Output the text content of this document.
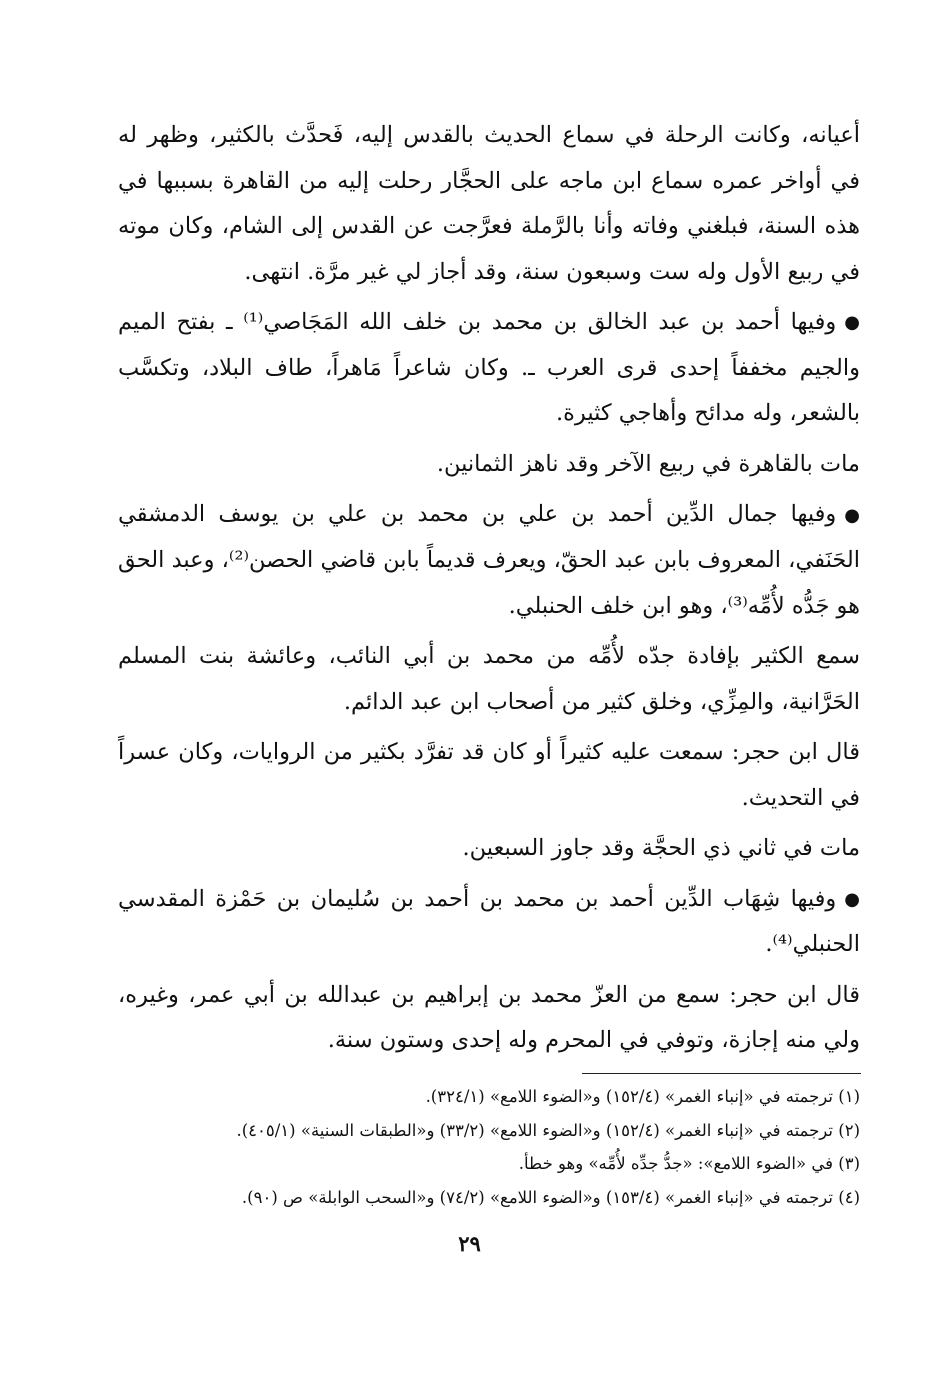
أعيانه، وكانت الرحلة في سماع الحديث بالقدس إليه، فَحدَّث بالكثير، وظهر له في أواخر عمره سماع ابن ماجه على الحجَّار رحلت إليه من القاهرة بسببها في هذه السنة، فبلغني وفاته وأنا بالرَّملة فعرَّجت عن القدس إلى الشام، وكان موته في ربيع الأول وله ست وسبعون سنة، وقد أجاز لي غير مرَّة. انتهى.

●وفيها أحمد بن عبد الخالق بن محمد بن خلف الله المَجَاصي⁽¹⁾ ـ بفتح الميم والجيم مخففاً إحدى قرى العرب ـ. وكان شاعراً مَاهراً، طاف البلاد، وتكسَّب بالشعر، وله مدائح وأهاجي كثيرة.

مات بالقاهرة في ربيع الآخر وقد ناهز الثمانين.

●وفيها جمال الدِّين أحمد بن علي بن محمد بن علي بن يوسف الدمشقي الحَنَفي، المعروف بابن عبد الحقّ، ويعرف قديماً بابن قاضي الحصن⁽²⁾، وعبد الحق هو جَدُّه لأُمِّه⁽³⁾، وهو ابن خلف الحنبلي.

سمع الكثير بإفادة جدّه لأُمِّه من محمد بن أبي النائب، وعائشة بنت المسلم الحَرَّانية، والمِزِّي، وخلق كثير من أصحاب ابن عبد الدائم.

قال ابن حجر: سمعت عليه كثيراً أو كان قد تفرَّد بكثير من الروايات، وكان عسراً في التحديث.

مات في ثاني ذي الحجَّة وقد جاوز السبعين.

●وفيها شِهَاب الدِّين أحمد بن محمد بن أحمد بن سُليمان بن حَمْزة المقدسي الحنبلي⁽⁴⁾.

قال ابن حجر: سمع من العزّ محمد بن إبراهيم بن عبدالله بن أبي عمر، وغيره، ولي منه إجازة، وتوفي في المحرم وله إحدى وستون سنة.

(١) ترجمته في «إنباء الغمر» (١٥٢/٤) و«الضوء اللامع» (٣٢٤/١).
(٢) ترجمته في «إنباء الغمر» (١٥٢/٤) و«الضوء اللامع» (٣٣/٢) و«الطبقات السنية» (٤٠٥/١).
(٣) في «الضوء اللامع»: «جدُّ جدِّه لأُمِّه» وهو خطأ.
(٤) ترجمته في «إنباء الغمر» (١٥٣/٤) و«الضوء اللامع» (٧٤/٢) و«السحب الوابلة» ص (٩٠).
٢٩
